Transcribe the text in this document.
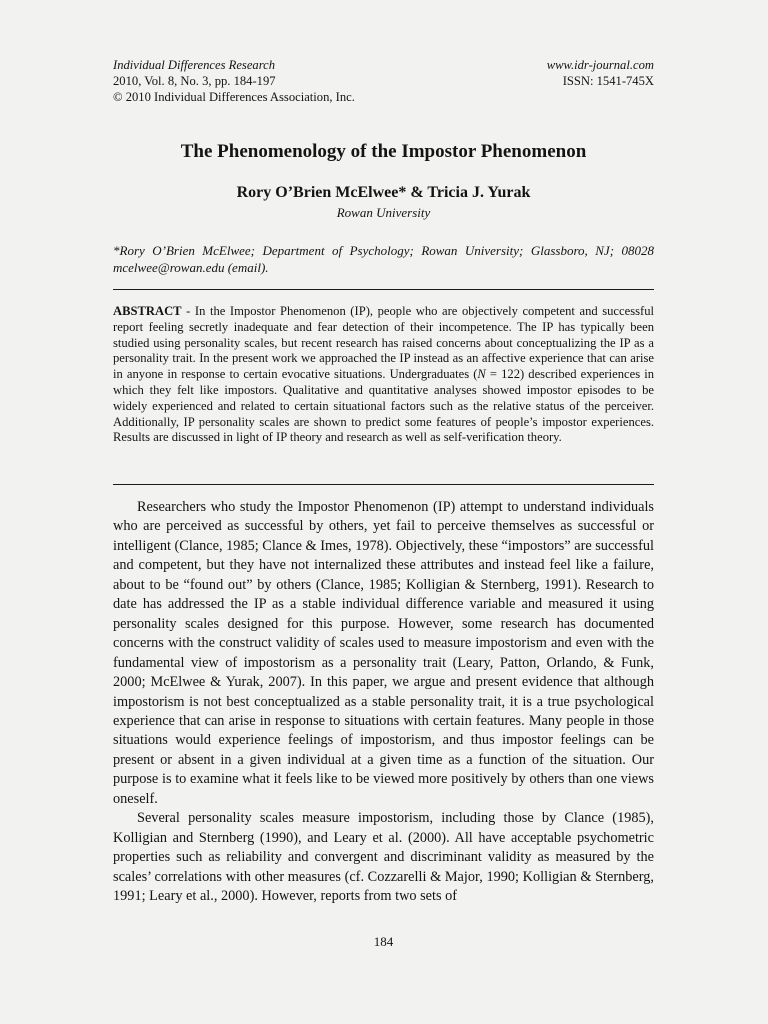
Individual Differences Research	www.idr-journal.com
2010, Vol. 8, No. 3, pp. 184-197	ISSN: 1541-745X
© 2010 Individual Differences Association, Inc.
The Phenomenology of the Impostor Phenomenon
Rory O’Brien McElwee* & Tricia J. Yurak
Rowan University
*Rory O’Brien McElwee; Department of Psychology; Rowan University; Glassboro, NJ; 08028
mcelwee@rowan.edu (email).
ABSTRACT - In the Impostor Phenomenon (IP), people who are objectively competent and successful report feeling secretly inadequate and fear detection of their incompetence. The IP has typically been studied using personality scales, but recent research has raised concerns about conceptualizing the IP as a personality trait. In the present work we approached the IP instead as an affective experience that can arise in anyone in response to certain evocative situations. Undergraduates (N = 122) described experiences in which they felt like impostors. Qualitative and quantitative analyses showed impostor episodes to be widely experienced and related to certain situational factors such as the relative status of the perceiver. Additionally, IP personality scales are shown to predict some features of people’s impostor experiences. Results are discussed in light of IP theory and research as well as self-verification theory.

Researchers who study the Impostor Phenomenon (IP) attempt to understand individuals who are perceived as successful by others, yet fail to perceive themselves as successful or intelligent (Clance, 1985; Clance & Imes, 1978). Objectively, these “impostors” are successful and competent, but they have not internalized these attributes and instead feel like a failure, about to be “found out” by others (Clance, 1985; Kolligian & Sternberg, 1991). Research to date has addressed the IP as a stable individual difference variable and measured it using personality scales designed for this purpose. However, some research has documented concerns with the construct validity of scales used to measure impostorism and even with the fundamental view of impostorism as a personality trait (Leary, Patton, Orlando, & Funk, 2000; McElwee & Yurak, 2007). In this paper, we argue and present evidence that although impostorism is not best conceptualized as a stable personality trait, it is a true psychological experience that can arise in response to situations with certain features. Many people in those situations would experience feelings of impostorism, and thus impostor feelings can be present or absent in a given individual at a given time as a function of the situation. Our purpose is to examine what it feels like to be viewed more positively by others than one views oneself.

Several personality scales measure impostorism, including those by Clance (1985), Kolligian and Sternberg (1990), and Leary et al. (2000). All have acceptable psychometric properties such as reliability and convergent and discriminant validity as measured by the scales’ correlations with other measures (cf. Cozzarelli & Major, 1990; Kolligian & Sternberg, 1991; Leary et al., 2000). However, reports from two sets of

184
